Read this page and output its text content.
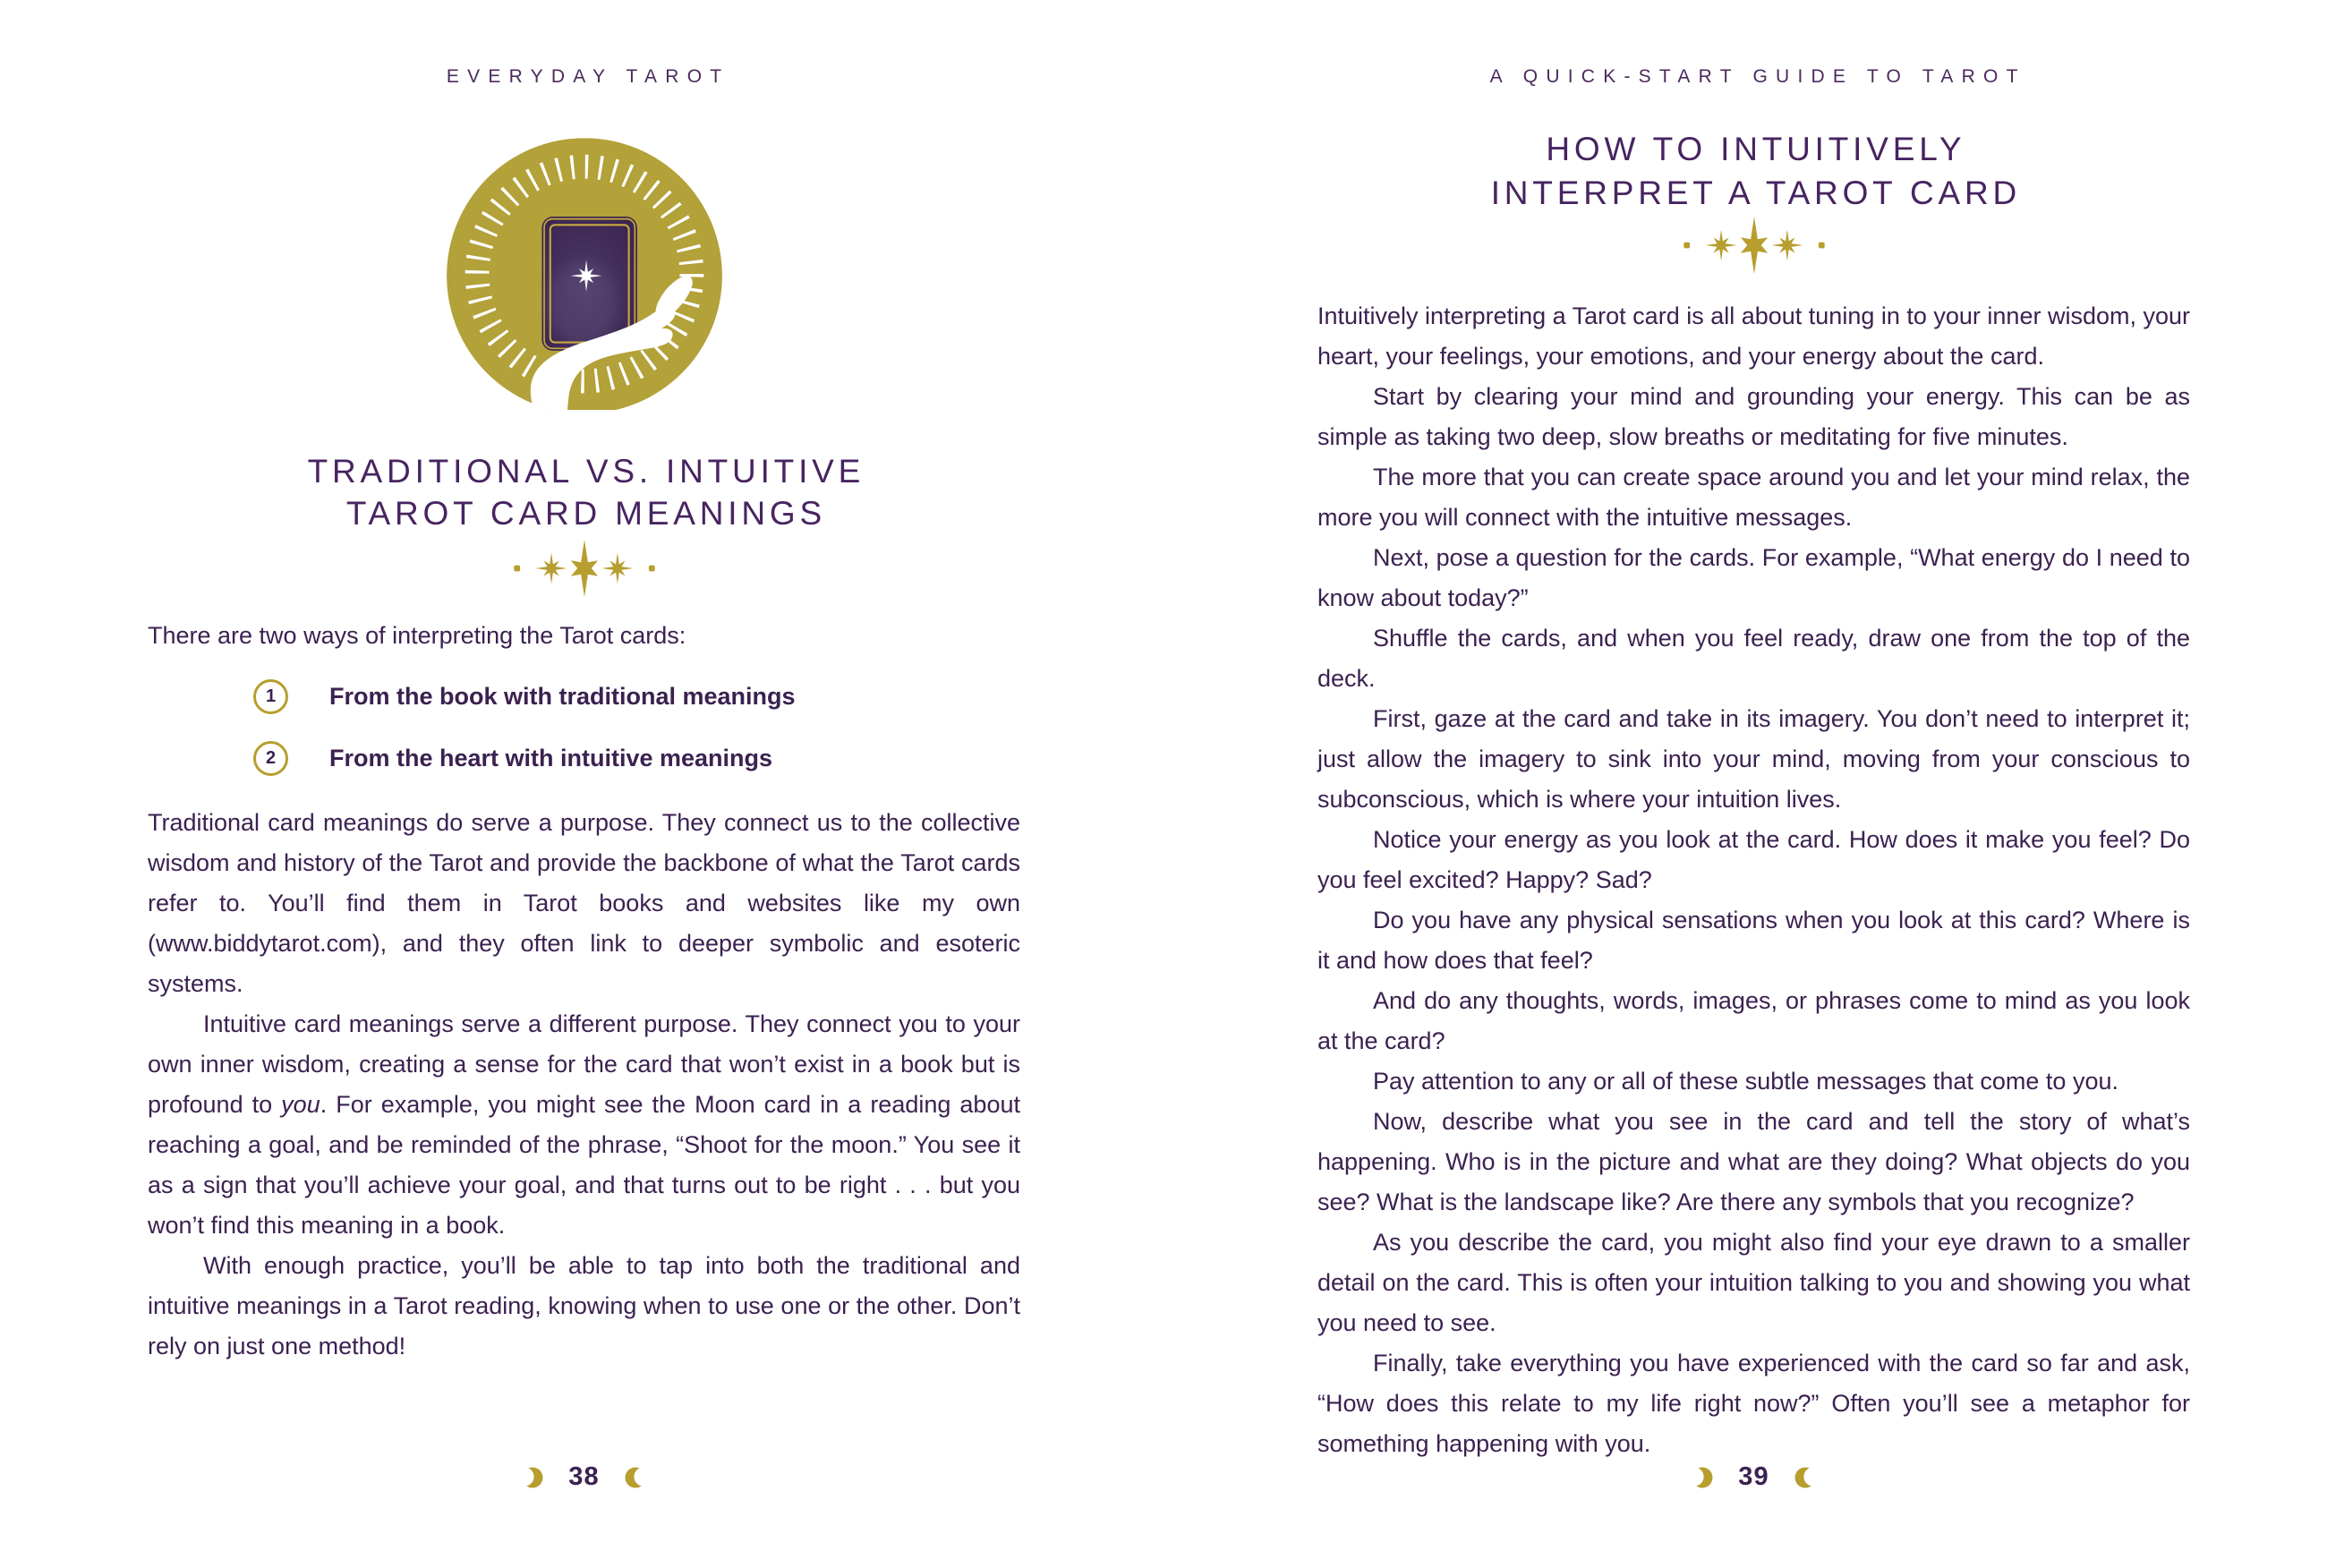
EVERYDAY TAROT
TRADITIONAL VS. INTUITIVE
TAROT CARD MEANINGS
There are two ways of interpreting the Tarot cards:
1	From the book with traditional meanings
2	From the heart with intuitive meanings

Traditional card meanings do serve a purpose. They connect us to the collective wisdom and history of the Tarot and provide the backbone of what the Tarot cards refer to. You’ll find them in Tarot books and websites like my own (www.biddytarot.com), and they often link to deeper symbolic and esoteric systems.

Intuitive card meanings serve a different purpose. They connect you to your own inner wisdom, creating a sense for the card that won’t exist in a book but is profound to you. For example, you might see the Moon card in a reading about reaching a goal, and be reminded of the phrase, “Shoot for the moon.” You see it as a sign that you’ll achieve your goal, and that turns out to be right . . . but you won’t find this meaning in a book.

With enough practice, you’ll be able to tap into both the traditional and intuitive meanings in a Tarot reading, knowing when to use one or the other. Don’t rely on just one method!

38
A QUICK-START GUIDE TO TAROT
HOW TO INTUITIVELY
INTERPRET A TAROT CARD

Intuitively interpreting a Tarot card is all about tuning in to your inner wisdom, your heart, your feelings, your emotions, and your energy about the card.

Start by clearing your mind and grounding your energy. This can be as simple as taking two deep, slow breaths or meditating for five minutes.

The more that you can create space around you and let your mind relax, the more you will connect with the intuitive messages.

Next, pose a question for the cards. For example, “What energy do I need to know about today?”

Shuffle the cards, and when you feel ready, draw one from the top of the deck.

First, gaze at the card and take in its imagery. You don’t need to interpret it; just allow the imagery to sink into your mind, moving from your conscious to subconscious, which is where your intuition lives.

Notice your energy as you look at the card. How does it make you feel? Do you feel excited? Happy? Sad?

Do you have any physical sensations when you look at this card? Where is it and how does that feel?

And do any thoughts, words, images, or phrases come to mind as you look at the card?

Pay attention to any or all of these subtle messages that come to you.

Now, describe what you see in the card and tell the story of what’s happening. Who is in the picture and what are they doing? What objects do you see? What is the landscape like? Are there any symbols that you recognize?

As you describe the card, you might also find your eye drawn to a smaller detail on the card. This is often your intuition talking to you and showing you what you need to see.

Finally, take everything you have experienced with the card so far and ask, “How does this relate to my life right now?” Often you’ll see a metaphor for something happening with you.

39
